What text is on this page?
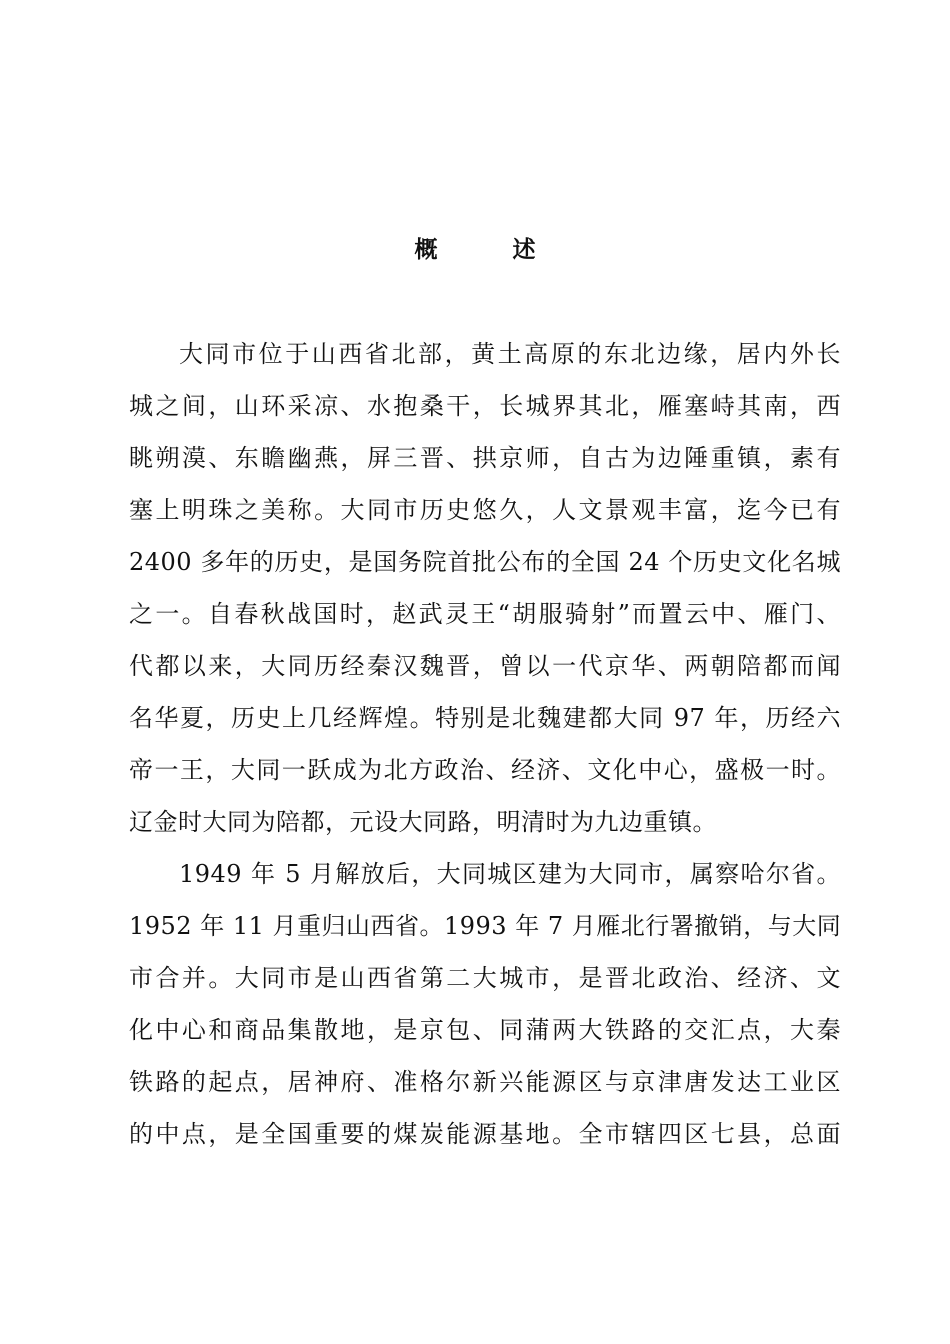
概　述
大同市位于山西省北部，黄土高原的东北边缘，居内外长
城之间，山环采凉、水抱桑干，长城界其北，雁塞峙其南，西
眺朔漠、东瞻幽燕，屏三晋、拱京师，自古为边陲重镇，素有
塞上明珠之美称。大同市历史悠久，人文景观丰富，迄今已有
2400 多年的历史，是国务院首批公布的全国 24 个历史文化名城
之一。自春秋战国时，赵武灵王“胡服骑射”而置云中、雁门、
代都以来，大同历经秦汉魏晋，曾以一代京华、两朝陪都而闻
名华夏，历史上几经辉煌。特别是北魏建都大同 97 年，历经六
帝一王，大同一跃成为北方政治、经济、文化中心，盛极一时。
辽金时大同为陪都，元设大同路，明清时为九边重镇。
1949 年 5 月解放后，大同城区建为大同市，属察哈尔省。
1952 年 11 月重归山西省。1993 年 7 月雁北行署撤销，与大同
市合并。大同市是山西省第二大城市，是晋北政治、经济、文
化中心和商品集散地，是京包、同蒲两大铁路的交汇点，大秦
铁路的起点，居神府、准格尔新兴能源区与京津唐发达工业区
的中点，是全国重要的煤炭能源基地。全市辖四区七县，总面
